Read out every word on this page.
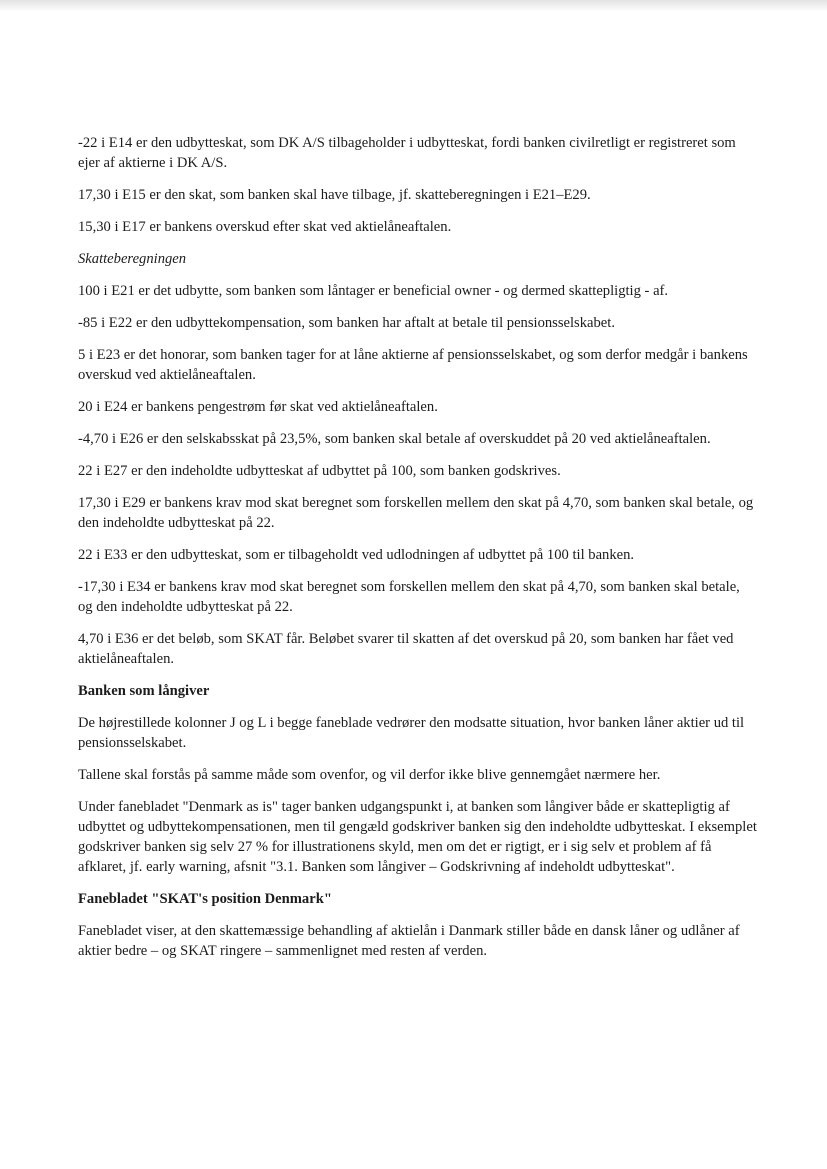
-22 i E14 er den udbytteskat, som DK A/S tilbageholder i udbytteskat, fordi banken civilretligt er registreret som ejer af aktierne i DK A/S.

17,30 i E15 er den skat, som banken skal have tilbage, jf. skatteberegningen i E21–E29.

15,30 i E17 er bankens overskud efter skat ved aktielåneaftalen.

Skatteberegningen

100 i E21 er det udbytte, som banken som låntager er beneficial owner - og dermed skattepligtig - af.

-85 i E22 er den udbyttekompensation, som banken har aftalt at betale til pensionsselskabet.

5 i E23 er det honorar, som banken tager for at låne aktierne af pensionsselskabet, og som derfor medgår i bankens overskud ved aktielåneaftalen.

20 i E24 er bankens pengestrøm før skat ved aktielåneaftalen.

-4,70 i E26 er den selskabsskat på 23,5%, som banken skal betale af overskuddet på 20 ved aktielåneaftalen.

22 i E27 er den indeholdte udbytteskat af udbyttet på 100, som banken godskrives.

17,30 i E29 er bankens krav mod skat beregnet som forskellen mellem den skat på 4,70, som banken skal betale, og den indeholdte udbytteskat på 22.

22 i E33 er den udbytteskat, som er tilbageholdt ved udlodningen af udbyttet på 100 til banken.

-17,30 i E34 er bankens krav mod skat beregnet som forskellen mellem den skat på 4,70, som banken skal betale, og den indeholdte udbytteskat på 22.

4,70 i E36 er det beløb, som SKAT får. Beløbet svarer til skatten af det overskud på 20, som banken har fået ved aktielåneaftalen.

Banken som långiver

De højrestillede kolonner J og L i begge faneblade vedrører den modsatte situation, hvor banken låner aktier ud til pensionsselskabet.

Tallene skal forstås på samme måde som ovenfor, og vil derfor ikke blive gennemgået nærmere her.

Under fanebladet "Denmark as is" tager banken udgangspunkt i, at banken som långiver både er skattepligtig af udbyttet og udbyttekompensationen, men til gengæld godskriver banken sig den indeholdte udbytteskat. I eksemplet godskriver banken sig selv 27 % for illustrationens skyld, men om det er rigtigt, er i sig selv et problem af få afklaret, jf. early warning, afsnit "3.1. Banken som långiver – Godskrivning af indeholdt udbytteskat".

Fanebladet "SKAT's position Denmark"

Fanebladet viser, at den skattemæssige behandling af aktielån i Danmark stiller både en dansk låner og udlåner af aktier bedre – og SKAT ringere – sammenlignet med resten af verden.
